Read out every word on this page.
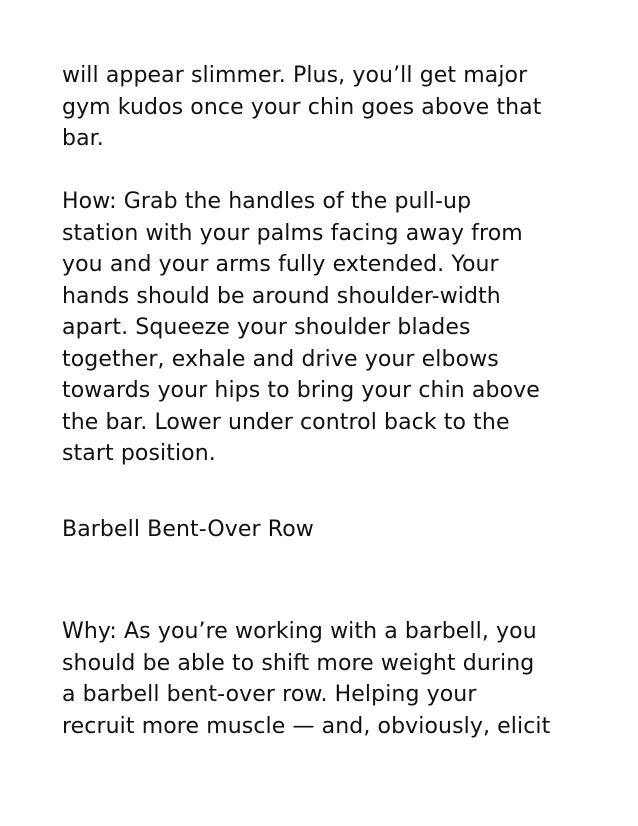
will appear slimmer. Plus, you’ll get major
gym kudos once your chin goes above that
bar.
How: Grab the handles of the pull-up
station with your palms facing away from
you and your arms fully extended. Your
hands should be around shoulder-width
apart. Squeeze your shoulder blades
together, exhale and drive your elbows
towards your hips to bring your chin above
the bar. Lower under control back to the
start position.
Barbell Bent-Over Row
Why: As you’re working with a barbell, you
should be able to shift more weight during
a barbell bent-over row. Helping your
recruit more muscle — and, obviously, elicit
